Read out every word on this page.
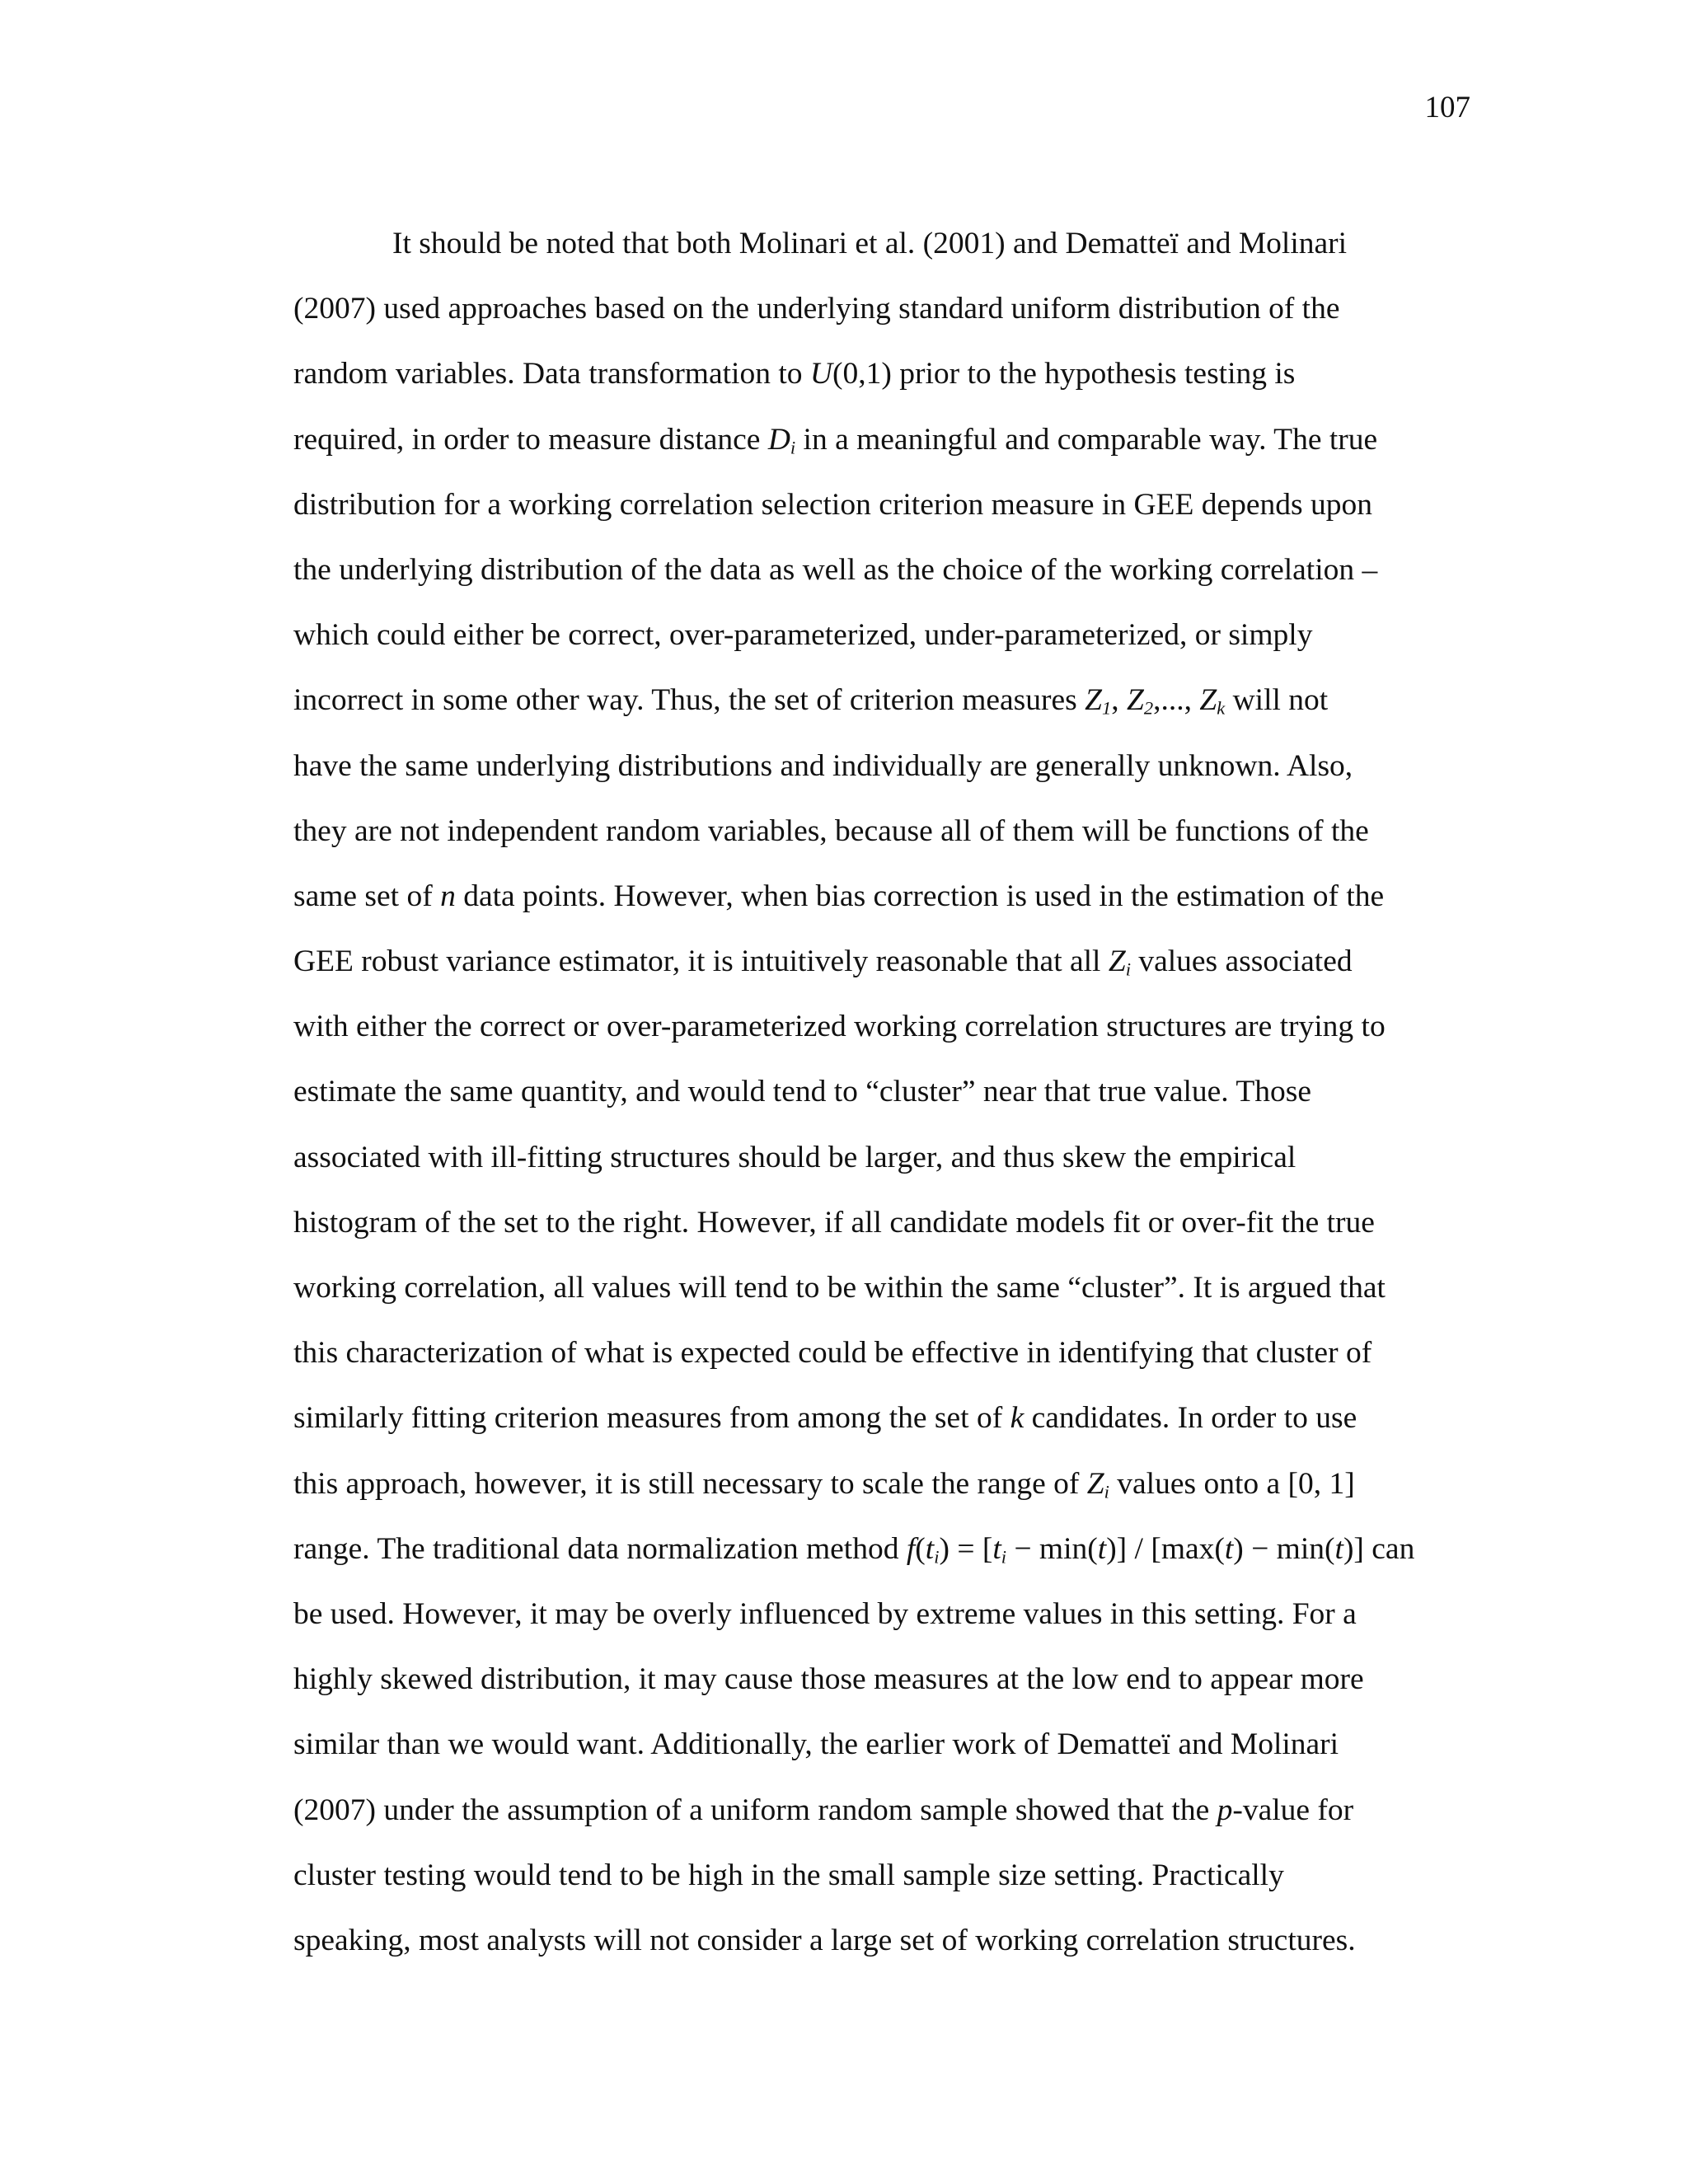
107
It should be noted that both Molinari et al. (2001) and Dematteï and Molinari
(2007) used approaches based on the underlying standard uniform distribution of the
random variables. Data transformation to U(0,1) prior to the hypothesis testing is
required, in order to measure distance $D_i$ in a meaningful and comparable way. The true
distribution for a working correlation selection criterion measure in GEE depends upon
the underlying distribution of the data as well as the choice of the working correlation –
which could either be correct, over-parameterized, under-parameterized, or simply
incorrect in some other way. Thus, the set of criterion measures $Z_1$, $Z_2$,..., $Z_k$ will not
have the same underlying distributions and individually are generally unknown. Also,
they are not independent random variables, because all of them will be functions of the
same set of n data points. However, when bias correction is used in the estimation of the
GEE robust variance estimator, it is intuitively reasonable that all $Z_i$ values associated
with either the correct or over-parameterized working correlation structures are trying to
estimate the same quantity, and would tend to “cluster” near that true value. Those
associated with ill-fitting structures should be larger, and thus skew the empirical
histogram of the set to the right. However, if all candidate models fit or over-fit the true
working correlation, all values will tend to be within the same “cluster”. It is argued that
this characterization of what is expected could be effective in identifying that cluster of
similarly fitting criterion measures from among the set of k candidates. In order to use
this approach, however, it is still necessary to scale the range of $Z_i$ values onto a [0, 1]
range. The traditional data normalization method $f(t_i) = [t_i - \min(t)] / [\max(t) - \min(t)]$ can
be used. However, it may be overly influenced by extreme values in this setting. For a
highly skewed distribution, it may cause those measures at the low end to appear more
similar than we would want. Additionally, the earlier work of Dematteï and Molinari
(2007) under the assumption of a uniform random sample showed that the p-value for
cluster testing would tend to be high in the small sample size setting. Practically
speaking, most analysts will not consider a large set of working correlation structures.
